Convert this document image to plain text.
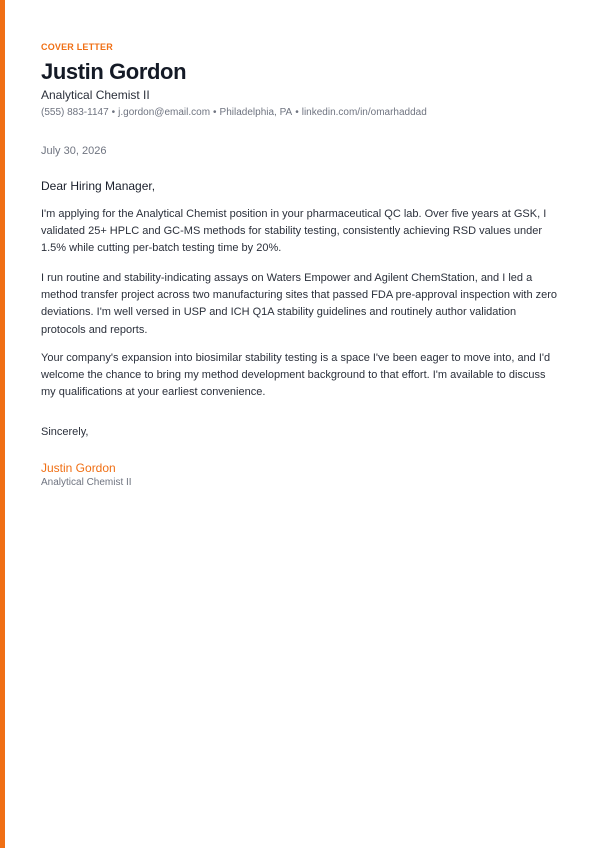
COVER LETTER
Justin Gordon
Analytical Chemist II
(555) 883-1147 • j.gordon@email.com • Philadelphia, PA • linkedin.com/in/omarhaddad
July 30, 2026
Dear Hiring Manager,

I'm applying for the Analytical Chemist position in your pharmaceutical QC lab. Over five years at GSK, I validated 25+ HPLC and GC-MS methods for stability testing, consistently achieving RSD values under 1.5% while cutting per-batch testing time by 20%.

I run routine and stability-indicating assays on Waters Empower and Agilent ChemStation, and I led a method transfer project across two manufacturing sites that passed FDA pre-approval inspection with zero deviations. I'm well versed in USP and ICH Q1A stability guidelines and routinely author validation protocols and reports.

Your company's expansion into biosimilar stability testing is a space I've been eager to move into, and I'd welcome the chance to bring my method development background to that effort. I'm available to discuss my qualifications at your earliest convenience.

Sincerely,
Justin Gordon
Analytical Chemist II
